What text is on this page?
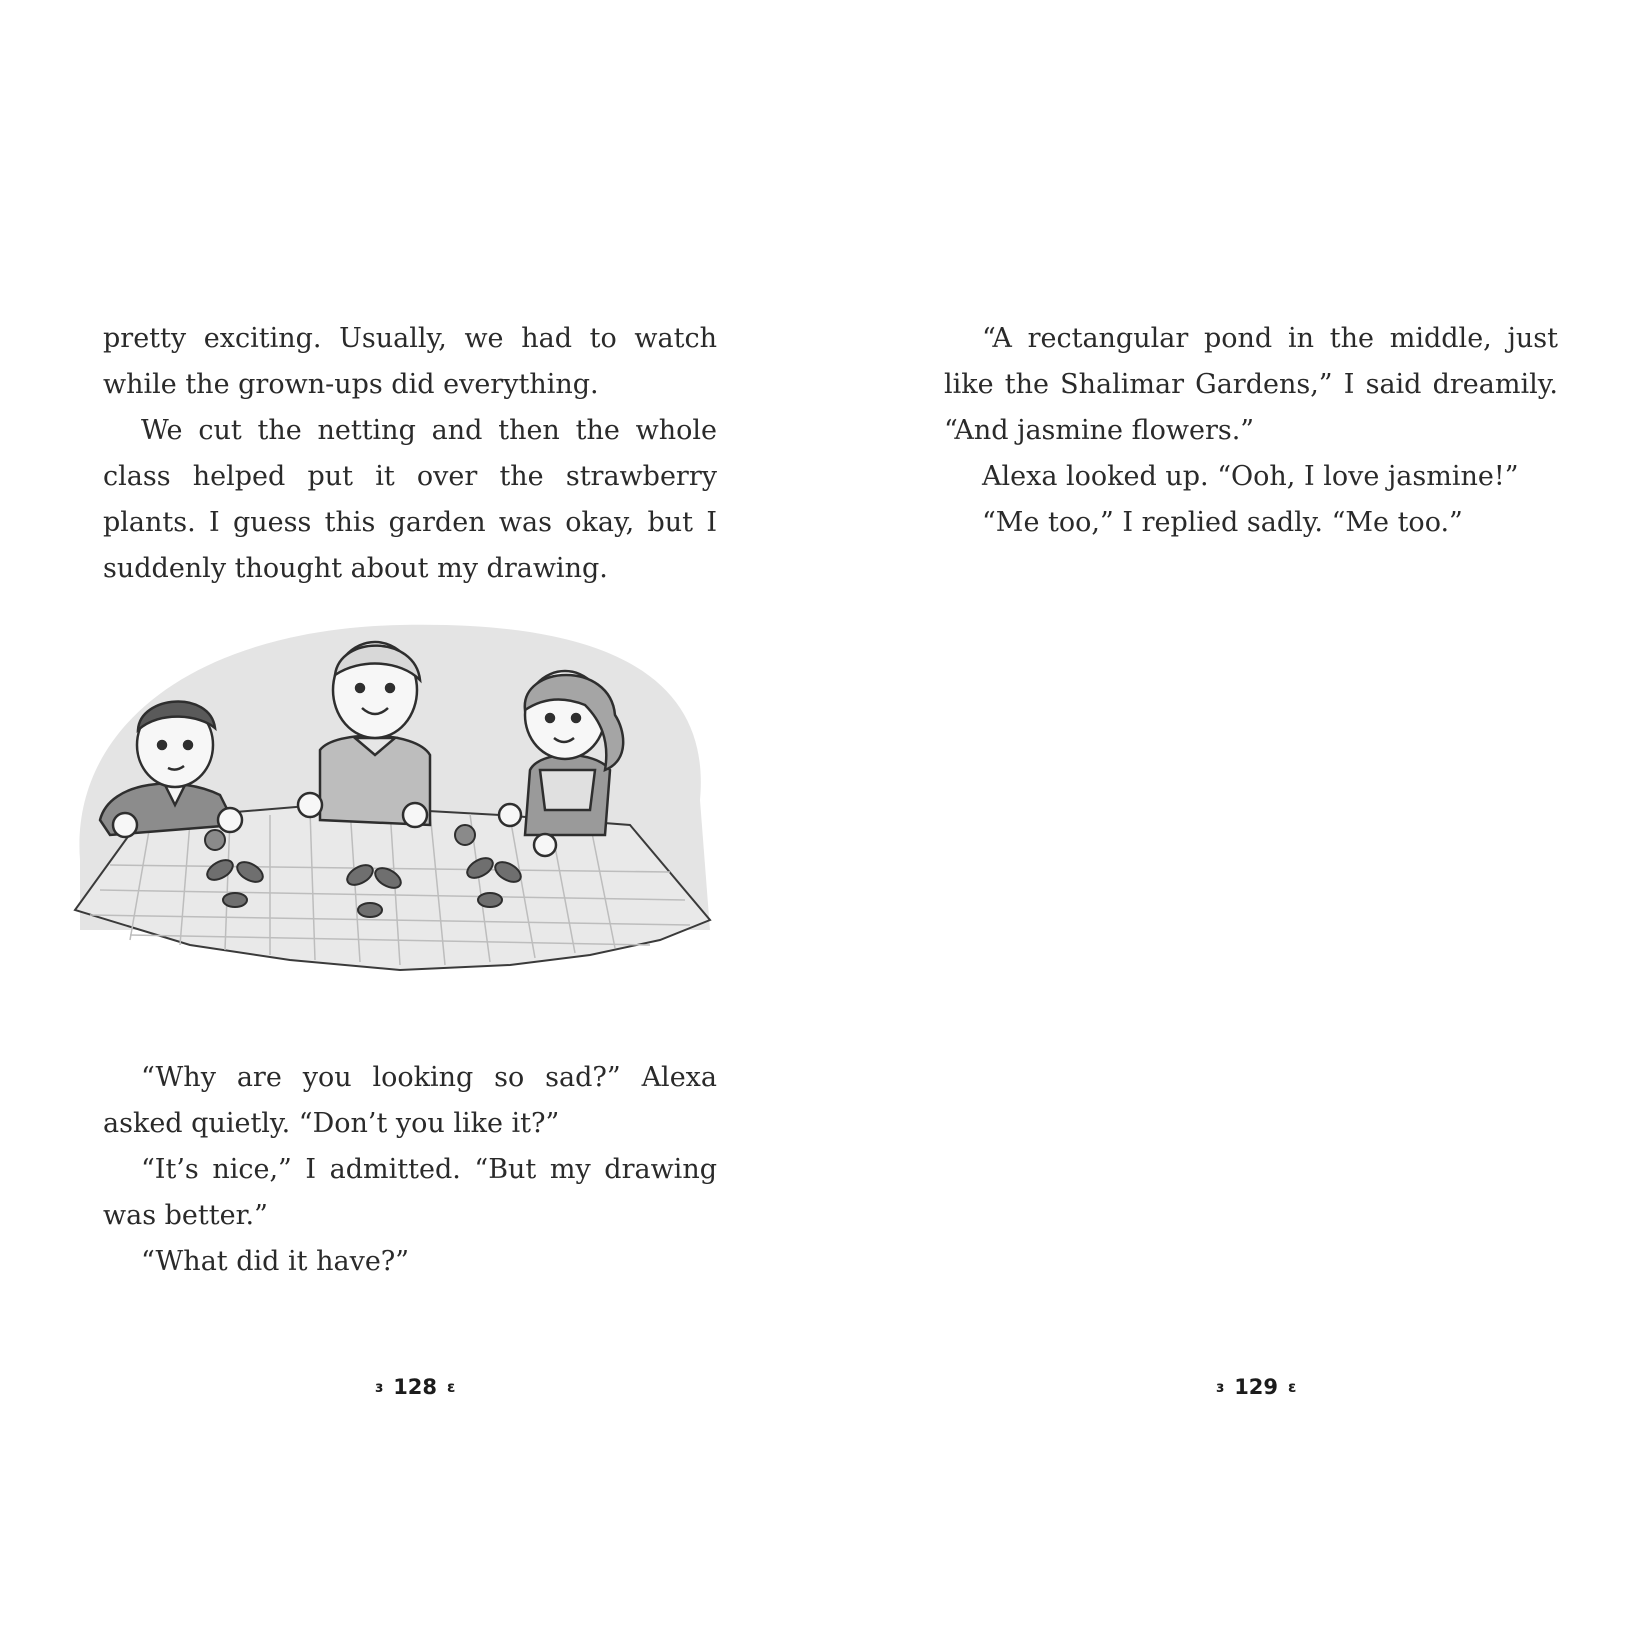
pretty exciting. Usually, we had to watch while the grown-ups did everything.

We cut the netting and then the whole class helped put it over the strawberry plants. I guess this garden was okay, but I suddenly thought about my drawing.

“Why are you looking so sad?” Alexa asked quietly. “Don’t you like it?”

“It’s nice,” I admitted. “But my drawing was better.”

“What did it have?”

ɜ 128 ɛ	ɜ 129 ɛ

“A rectangular pond in the middle, just like the Shalimar Gardens,” I said dreamily. “And jasmine flowers.”

Alexa looked up. “Ooh, I love jasmine!”

“Me too,” I replied sadly. “Me too.”
